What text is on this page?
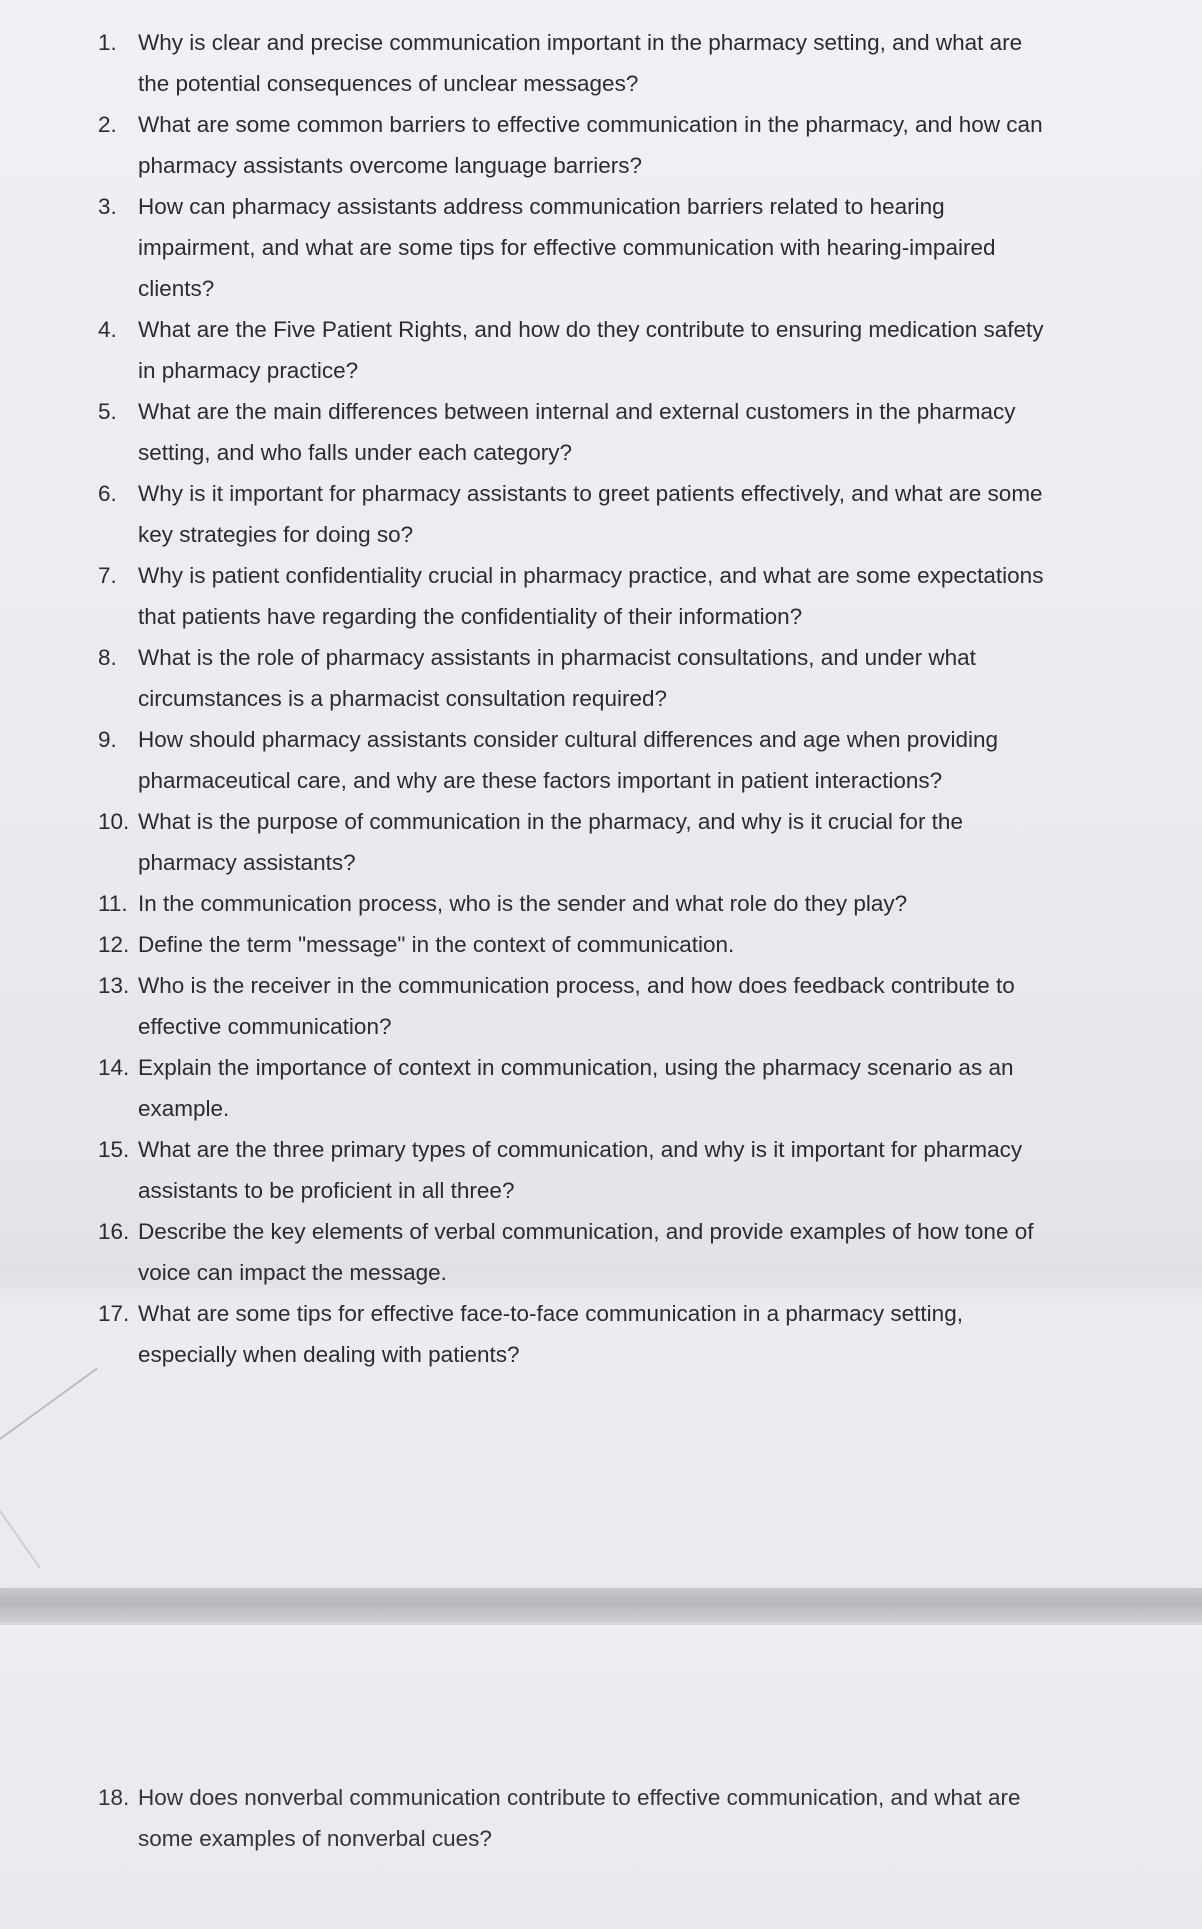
1. Why is clear and precise communication important in the pharmacy setting, and what are the potential consequences of unclear messages?
2. What are some common barriers to effective communication in the pharmacy, and how can pharmacy assistants overcome language barriers?
3. How can pharmacy assistants address communication barriers related to hearing impairment, and what are some tips for effective communication with hearing-impaired clients?
4. What are the Five Patient Rights, and how do they contribute to ensuring medication safety in pharmacy practice?
5. What are the main differences between internal and external customers in the pharmacy setting, and who falls under each category?
6. Why is it important for pharmacy assistants to greet patients effectively, and what are some key strategies for doing so?
7. Why is patient confidentiality crucial in pharmacy practice, and what are some expectations that patients have regarding the confidentiality of their information?
8. What is the role of pharmacy assistants in pharmacist consultations, and under what circumstances is a pharmacist consultation required?
9. How should pharmacy assistants consider cultural differences and age when providing pharmaceutical care, and why are these factors important in patient interactions?
10. What is the purpose of communication in the pharmacy, and why is it crucial for the pharmacy assistants?
11. In the communication process, who is the sender and what role do they play?
12. Define the term "message" in the context of communication.
13. Who is the receiver in the communication process, and how does feedback contribute to effective communication?
14. Explain the importance of context in communication, using the pharmacy scenario as an example.
15. What are the three primary types of communication, and why is it important for pharmacy assistants to be proficient in all three?
16. Describe the key elements of verbal communication, and provide examples of how tone of voice can impact the message.
17. What are some tips for effective face-to-face communication in a pharmacy setting, especially when dealing with patients?
18. How does nonverbal communication contribute to effective communication, and what are some examples of nonverbal cues?
